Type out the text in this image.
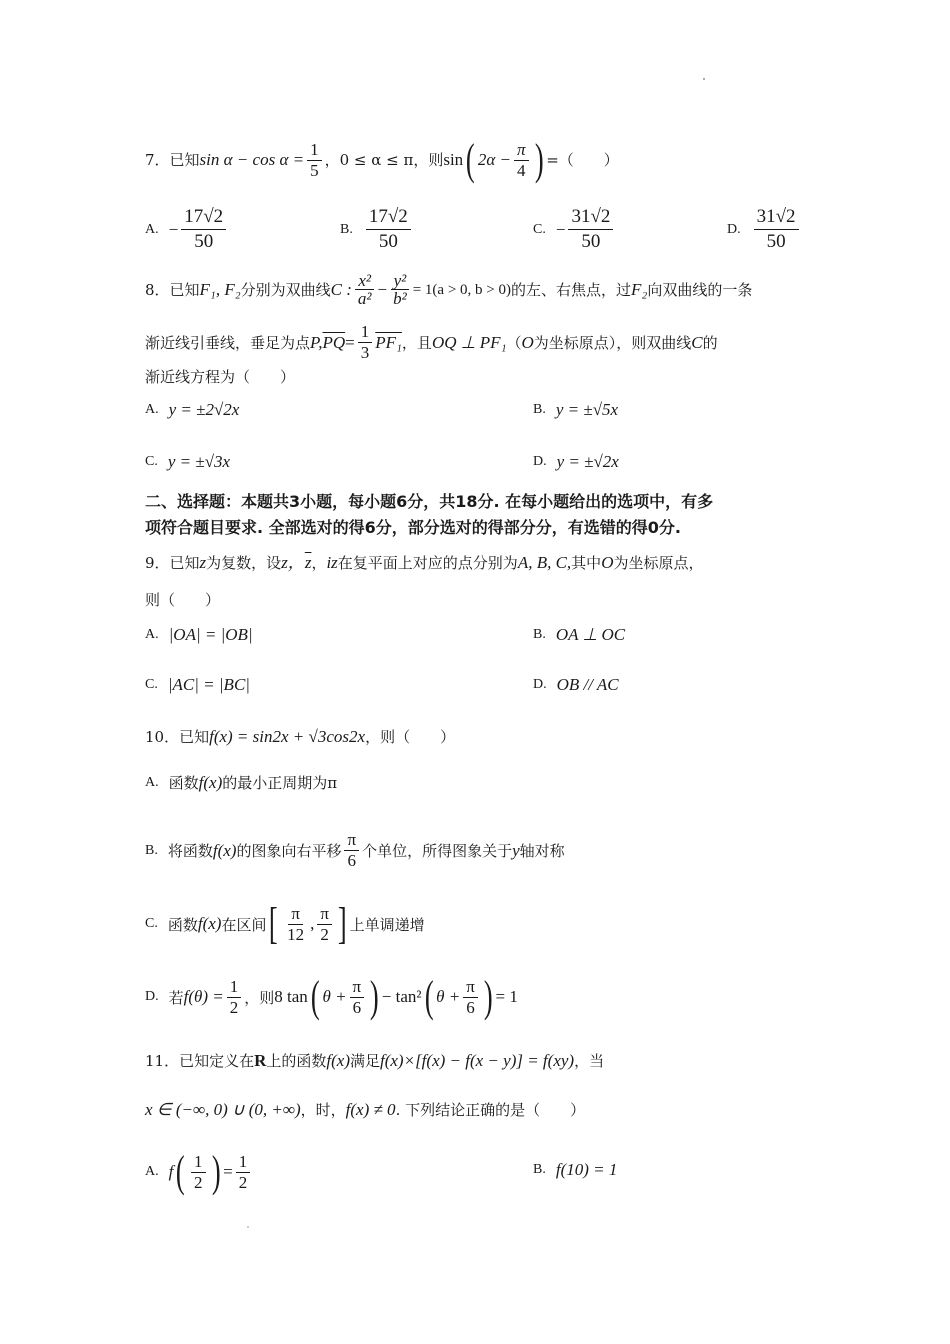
7．已知 $\sin \alpha - \cos \alpha = \frac{1}{5}$ ，0 ≤ α ≤ π，则 sin ( $2\alpha - \frac{\pi}{4}$ ) =（　　）
A. − $\frac{17√2}{50}$	B. $\frac{17√2}{50}$	C. − $\frac{31√2}{50}$	D. $\frac{31√2}{50}$
8．已知 F₁, F₂ 分别为双曲线 C : $\frac{\text{x²}}{\text{a²}} - \frac{\text{y²}}{\text{b²}} = 1(a > 0$, b > 0) 的左、右焦点，过 F₂ 向双曲线的一条
渐近线引垂线，垂足为点 P, $\overline{PQ} = \frac{1}{3} PF_1$ ，且 OQ ⊥ PF₁ （ O 为坐标原点），则双曲线 C 的
渐近线方程为（　　）
A. y = ±2√2x	B. y = ±√5x
C. y = ±√3x	D. y = ±√2x
二、选择题：本题共3小题，每小题6分，共18分. 在每小题给出的选项中，有多
项符合题目要求. 全部选对的得6分，部分选对的得部分分，有选错的得0分.
9．已知 z 为复数，设 z， $\overline{z}$ ， iz 在复平面上对应的点分别为 A, B, C, 其中 O 为坐标原点，
则（　　）
A. |OA| = |OB|	B. OA ⊥ OC
C. |AC| = |BC|	D. OB // AC
10．已知 f(x) = sin2x + √3cos2x ，则（　　）
A. 函数 f(x) 的最小正周期为π
B. 将函数 f(x) 的图象向右平移 $\frac{\pi}{6}$ 个单位，所得图象关于 y 轴对称
C. 函数 f(x) 在区间 [ $\frac{\pi}{12}$ , $\frac{\pi}{2}$ ] 上单调递增
D. 若 $f(\theta) = \frac{1}{2}$ ，则 8 tan ( $\theta + \frac{\pi}{6}$ ) − tan² ( $\theta + \frac{\pi}{6}$ ) = 1
11．已知定义在 R 上的函数 f(x) 满足 f(x)×[f(x) − f(x − y)] = f(xy) ，当
x ∈ (−∞, 0) ∪ (0, +∞) ，时， f(x) ≠ 0 . 下列结论正确的是（　　）
A. f ( $\frac{1}{2}$ ) = $\frac{1}{2}$	B. f(10) = 1
